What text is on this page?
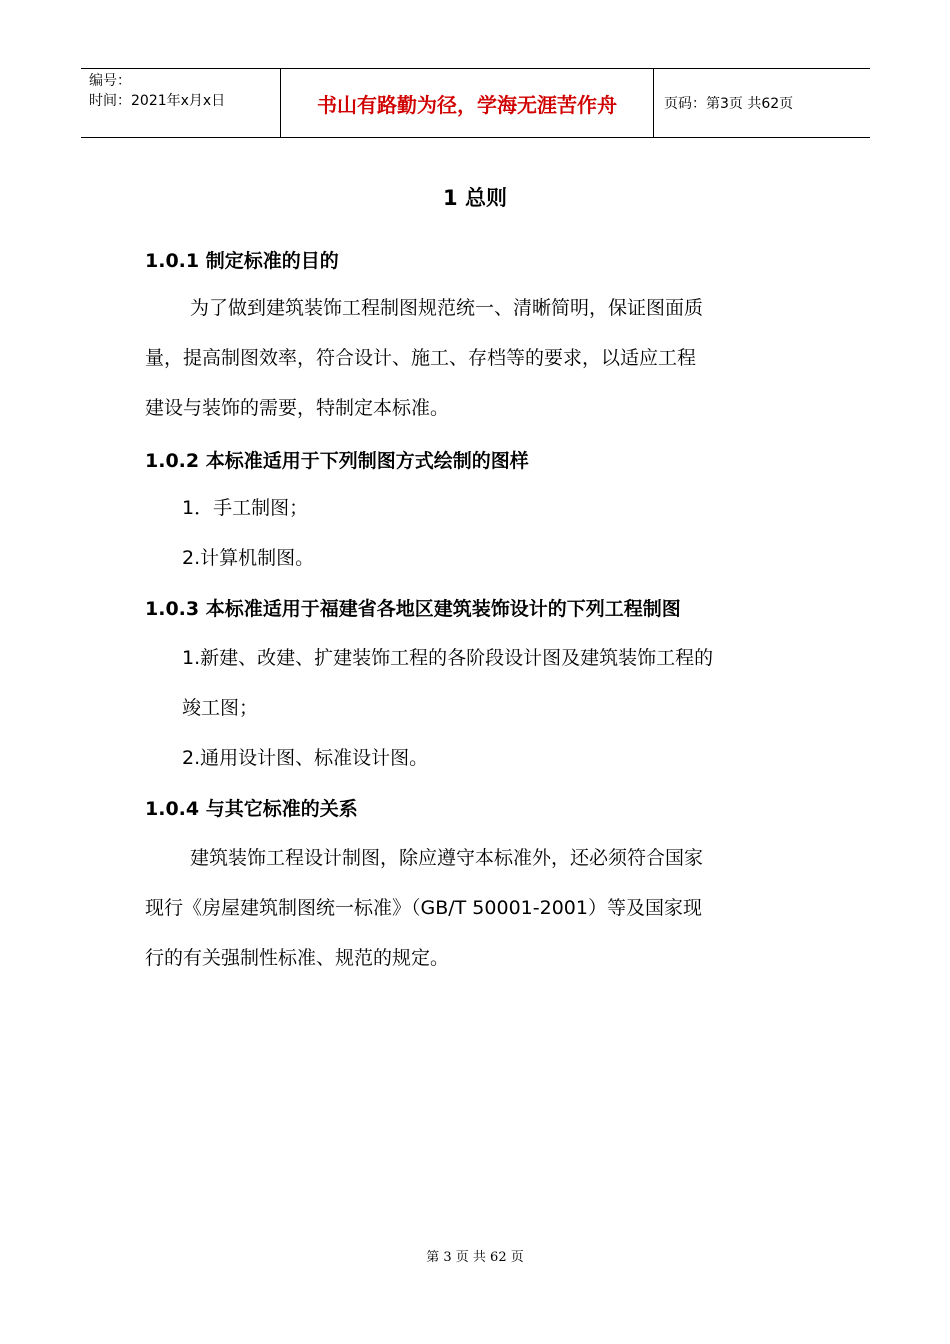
编号：
时间：2021年x月x日	书山有路勤为径，学海无涯苦作舟	页码：第3页 共62页
1 总则
1.0.1 制定标准的目的
为了做到建筑装饰工程制图规范统一、清晰简明，保证图面质
量，提高制图效率，符合设计、施工、存档等的要求，以适应工程
建设与装饰的需要，特制定本标准。
1.0.2 本标准适用于下列制图方式绘制的图样
1．手工制图；
2.计算机制图。
1.0.3 本标准适用于福建省各地区建筑装饰设计的下列工程制图
1.新建、改建、扩建装饰工程的各阶段设计图及建筑装饰工程的
竣工图；
2.通用设计图、标准设计图。
1.0.4 与其它标准的关系
建筑装饰工程设计制图，除应遵守本标准外，还必须符合国家
现行《房屋建筑制图统一标准》（GB/T 50001-2001）等及国家现
行的有关强制性标准、规范的规定。
第 3 页 共 62 页
